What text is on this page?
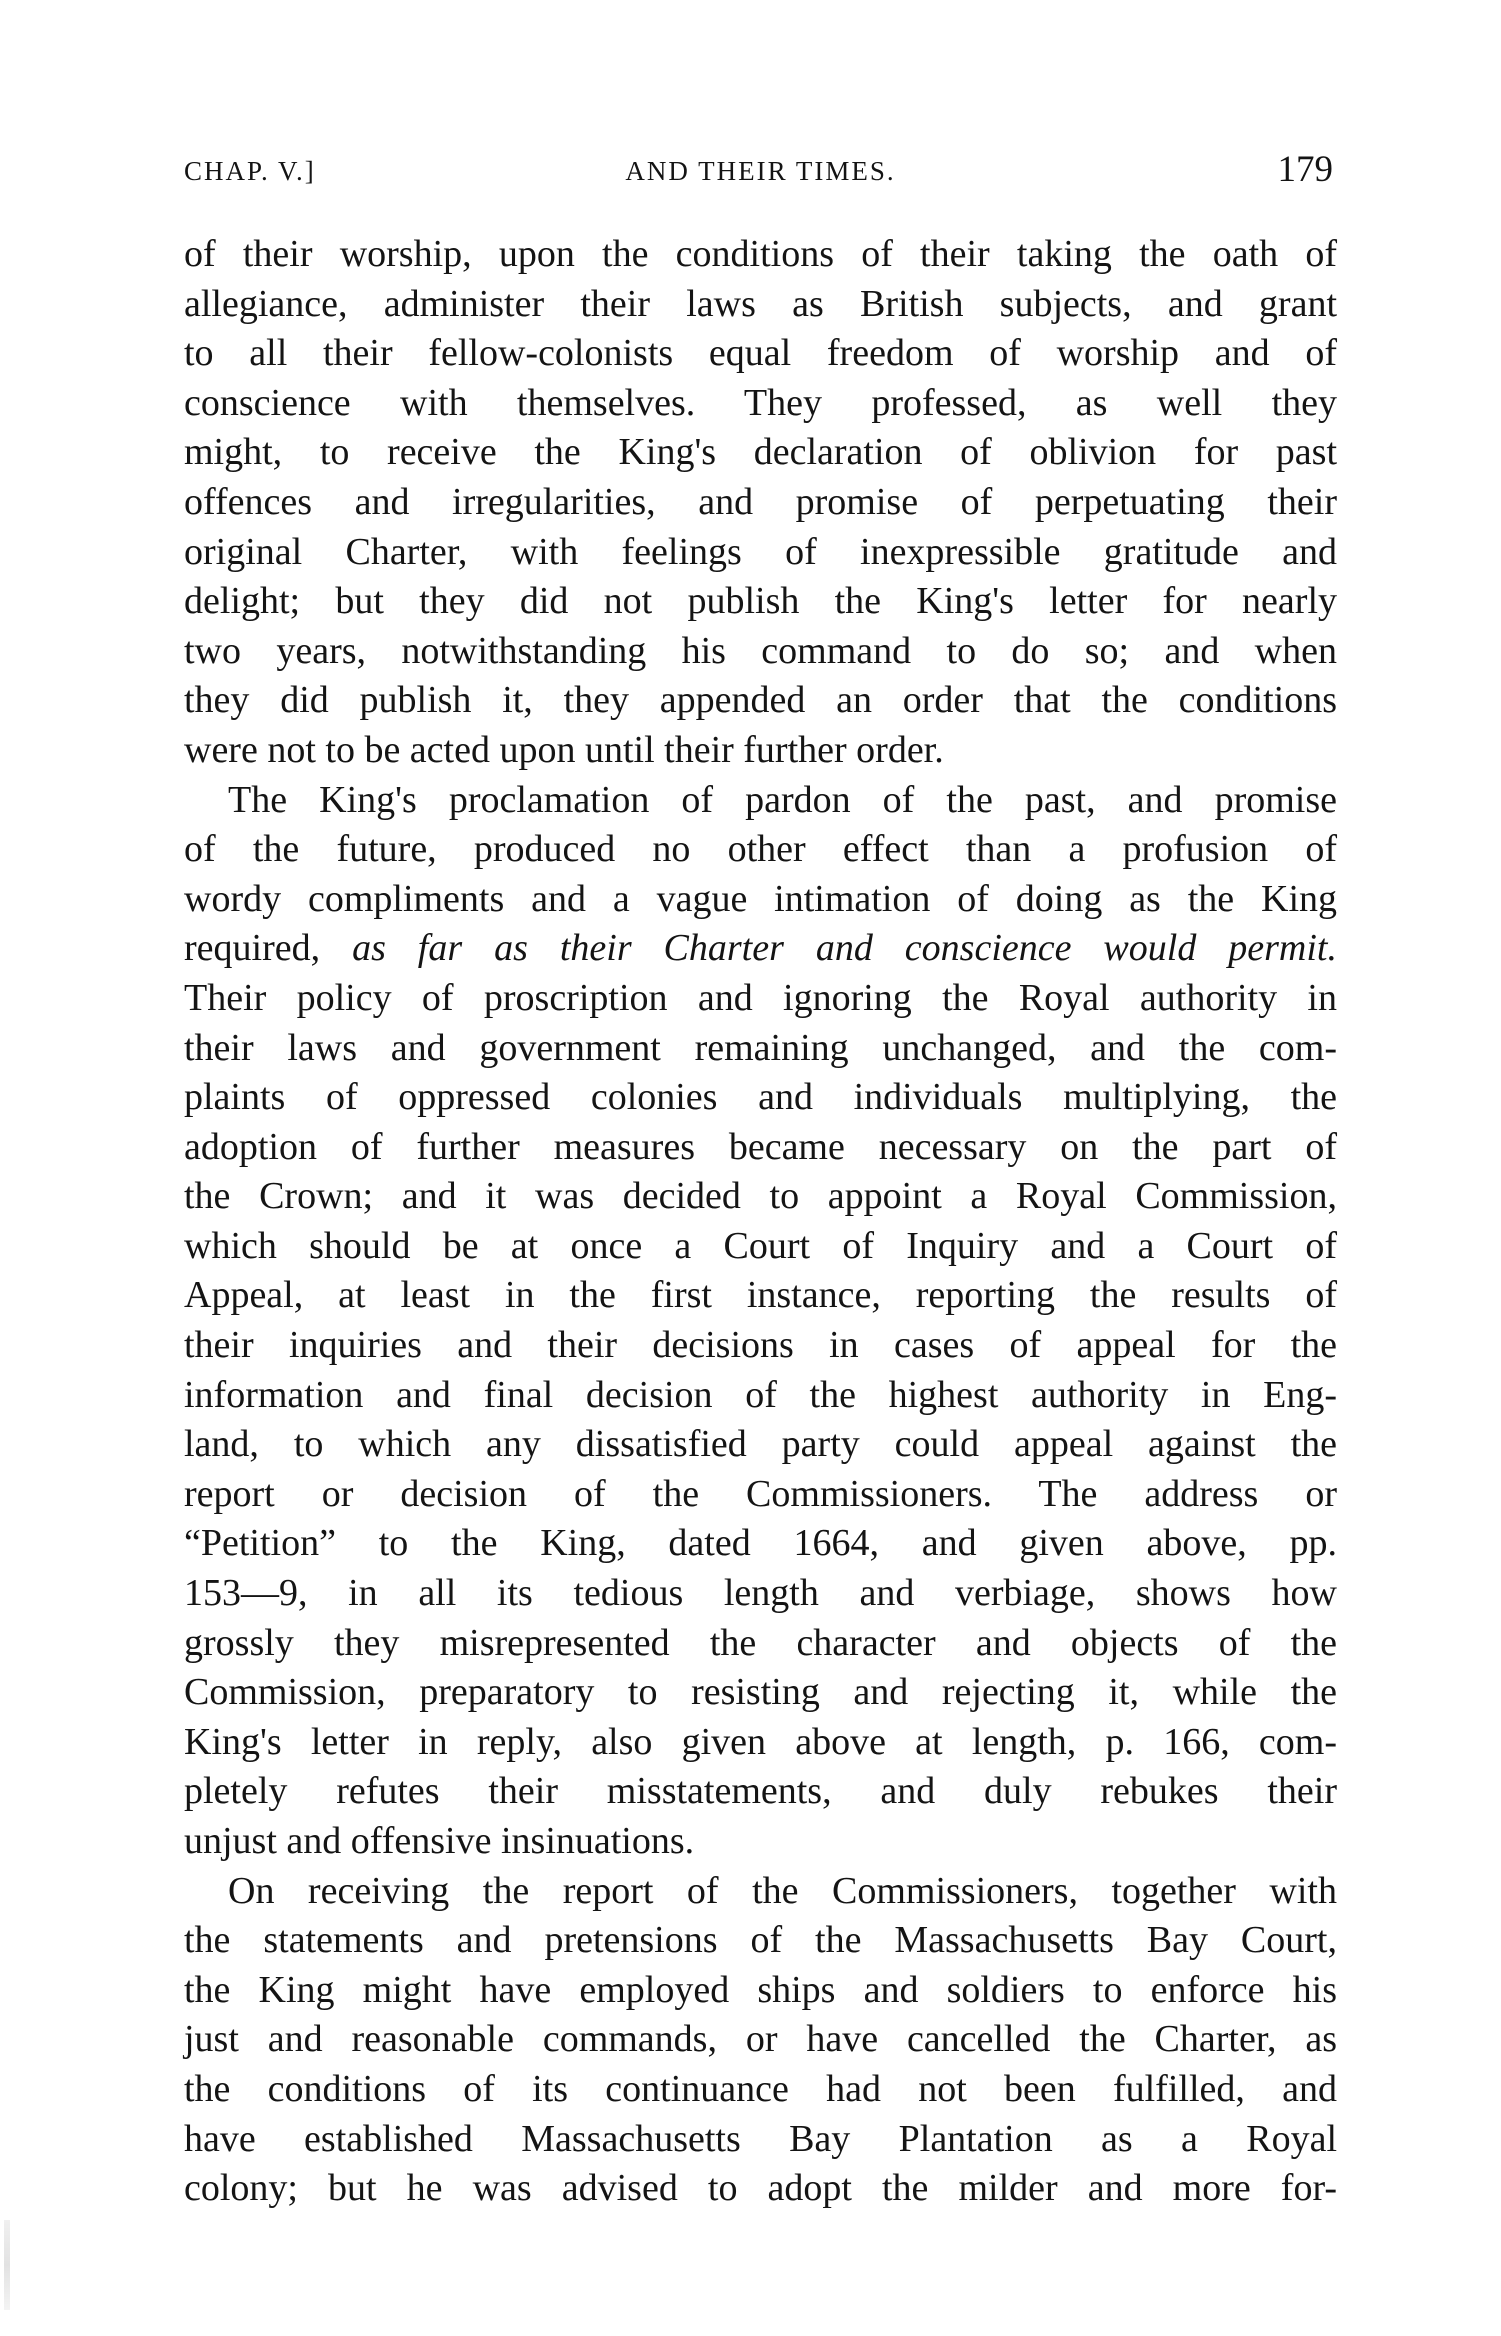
CHAP. V.]	AND THEIR TIMES.	179

of their worship, upon the conditions of their taking the oath of
allegiance, administer their laws as British subjects, and grant
to all their fellow-colonists equal freedom of worship and of
conscience with themselves. They professed, as well they
might, to receive the King's declaration of oblivion for past
offences and irregularities, and promise of perpetuating their
original Charter, with feelings of inexpressible gratitude and
delight; but they did not publish the King's letter for nearly
two years, notwithstanding his command to do so; and when
they did publish it, they appended an order that the conditions
were not to be acted upon until their further order.

The King's proclamation of pardon of the past, and promise
of the future, produced no other effect than a profusion of
wordy compliments and a vague intimation of doing as the King
required, as far as their Charter and conscience would permit.
Their policy of proscription and ignoring the Royal authority in
their laws and government remaining unchanged, and the com-
plaints of oppressed colonies and individuals multiplying, the
adoption of further measures became necessary on the part of
the Crown; and it was decided to appoint a Royal Commission,
which should be at once a Court of Inquiry and a Court of
Appeal, at least in the first instance, reporting the results of
their inquiries and their decisions in cases of appeal for the
information and final decision of the highest authority in Eng-
land, to which any dissatisfied party could appeal against the
report or decision of the Commissioners. The address or
“Petition” to the King, dated 1664, and given above, pp.
153—9, in all its tedious length and verbiage, shows how
grossly they misrepresented the character and objects of the
Commission, preparatory to resisting and rejecting it, while the
King's letter in reply, also given above at length, p. 166, com-
pletely refutes their misstatements, and duly rebukes their
unjust and offensive insinuations.

On receiving the report of the Commissioners, together with
the statements and pretensions of the Massachusetts Bay Court,
the King might have employed ships and soldiers to enforce his
just and reasonable commands, or have cancelled the Charter, as
the conditions of its continuance had not been fulfilled, and
have established Massachusetts Bay Plantation as a Royal
colony; but he was advised to adopt the milder and more for-
